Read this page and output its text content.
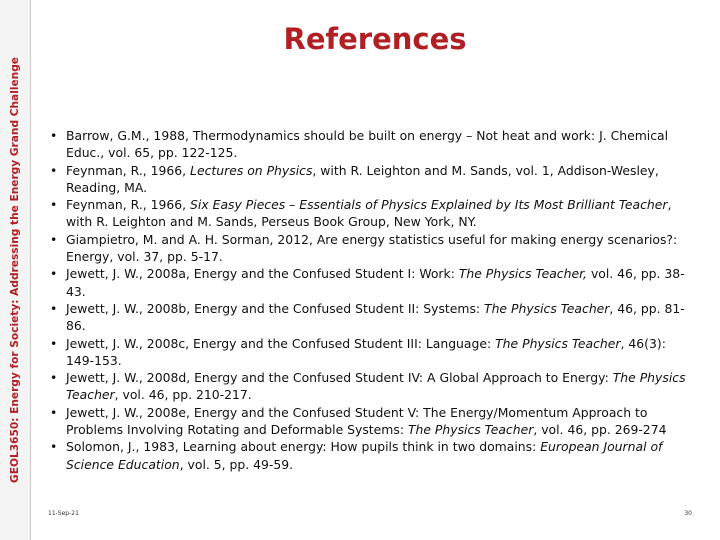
GEOL3650: Energy for Society: Addressing the Energy Grand Challenge
References
• Barrow, G.M., 1988, Thermodynamics should be built on energy – Not heat and work: J. Chemical Educ., vol. 65, pp. 122-125.
• Feynman, R., 1966, Lectures on Physics, with R. Leighton and M. Sands, vol. 1, Addison-Wesley, Reading, MA.
• Feynman, R., 1966, Six Easy Pieces – Essentials of Physics Explained by Its Most Brilliant Teacher, with R. Leighton and M. Sands, Perseus Book Group, New York, NY.
• Giampietro, M. and A. H. Sorman, 2012, Are energy statistics useful for making energy scenarios?: Energy, vol. 37, pp. 5-17.
• Jewett, J. W., 2008a, Energy and the Confused Student I: Work: The Physics Teacher, vol. 46, pp. 38-43.
• Jewett, J. W., 2008b, Energy and the Confused Student II: Systems: The Physics Teacher, 46, pp. 81-86.
• Jewett, J. W., 2008c, Energy and the Confused Student III: Language: The Physics Teacher, 46(3): 149-153.
• Jewett, J. W., 2008d, Energy and the Confused Student IV: A Global Approach to Energy: The Physics Teacher, vol. 46, pp. 210-217.
• Jewett, J. W., 2008e, Energy and the Confused Student V: The Energy/Momentum Approach to Problems Involving Rotating and Deformable Systems: The Physics Teacher, vol. 46, pp. 269-274
• Solomon, J., 1983, Learning about energy: How pupils think in two domains: European Journal of Science Education, vol. 5, pp. 49-59.
11-Sep-21	30
